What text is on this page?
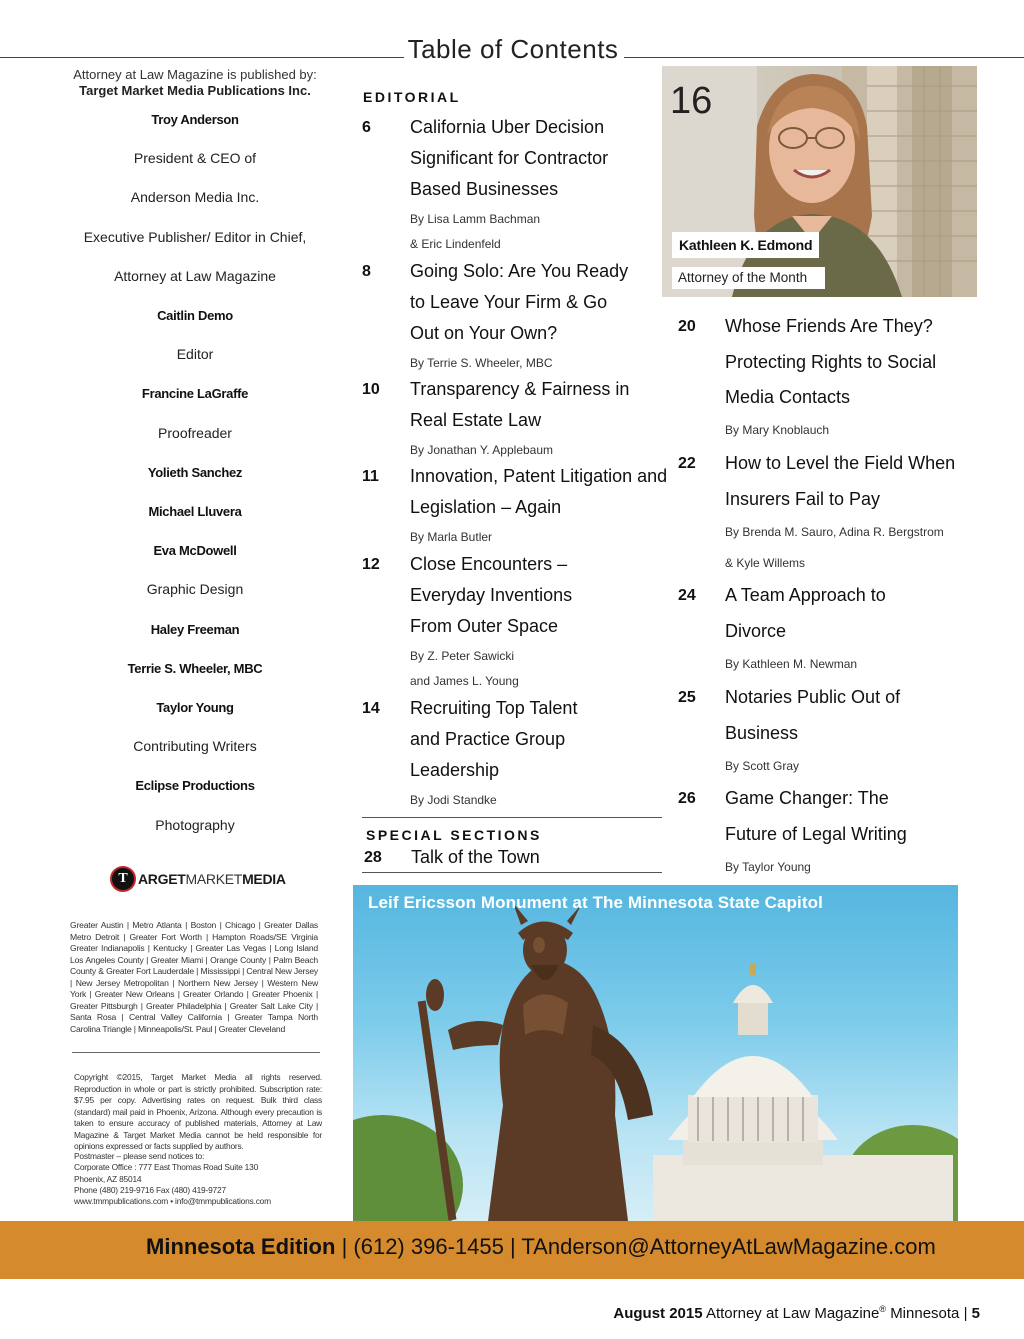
Table of Contents
Attorney at Law Magazine is published by:
Target Market Media Publications Inc.
Troy Anderson
President & CEO of
Anderson Media Inc.
Executive Publisher/ Editor in Chief,
Attorney at Law Magazine
Caitlin Demo
Editor
Francine LaGraffe
Proofreader
Yolieth Sanchez
Michael Lluvera
Eva McDowell
Graphic Design
Haley Freeman
Terrie S. Wheeler, MBC
Taylor Young
Contributing Writers
Eclipse Productions
Photography
T ARGETMARKETMEDIA
Greater Austin | Metro Atlanta | Boston | Chicago | Greater Dallas Metro Detroit | Greater Fort Worth | Hampton Roads/SE Virginia Greater Indianapolis | Kentucky | Greater Las Vegas | Long Island Los Angeles County | Greater Miami | Orange County | Palm Beach County & Greater Fort Lauderdale | Mississippi | Central New Jersey | New Jersey Metropolitan | Northern New Jersey | Western New York | Greater New Orleans | Greater Orlando | Greater Phoenix | Greater Pittsburgh | Greater Philadelphia | Greater Salt Lake City | Santa Rosa | Central Valley California | Greater Tampa North Carolina Triangle | Minneapolis/St. Paul | Greater Cleveland
Copyright ©2015, Target Market Media all rights reserved. Reproduction in whole or part is strictly prohibited. Subscription rate: $7.95 per copy. Advertising rates on request. Bulk third class (standard) mail paid in Phoenix, Arizona. Although every precaution is taken to ensure accuracy of published materials, Attorney at Law Magazine & Target Market Media cannot be held responsible for opinions expressed or facts supplied by authors.
Postmaster – please send notices to:
Corporate Office : 777 East Thomas Road Suite 130
Phoenix, AZ 85014
Phone (480) 219-9716 Fax (480) 419-9727
www.tmmpublications.com • info@tmmpublications.com
EDITORIAL
6 California Uber Decision
Significant for Contractor
Based Businesses
By Lisa Lamm Bachman
& Eric Lindenfeld
8 Going Solo: Are You Ready
to Leave Your Firm & Go
Out on Your Own?
By Terrie S. Wheeler, MBC
10 Transparency & Fairness in
Real Estate Law
By Jonathan Y. Applebaum
11 Innovation, Patent Litigation and
Legislation – Again
By Marla Butler
12 Close Encounters –
Everyday Inventions
From Outer Space
By Z. Peter Sawicki
and James L. Young
14 Recruiting Top Talent
and Practice Group
Leadership
By Jodi Standke
SPECIAL SECTIONS
28 Talk of the Town
16
Kathleen K. Edmond
Attorney of the Month
20 Whose Friends Are They?
Protecting Rights to Social
Media Contacts
By Mary Knoblauch
22 How to Level the Field When
Insurers Fail to Pay
By Brenda M. Sauro, Adina R. Bergstrom
& Kyle Willems
24 A Team Approach to
Divorce
By Kathleen M. Newman
25 Notaries Public Out of
Business
By Scott Gray
26 Game Changer: The
Future of Legal Writing
By Taylor Young
Leif Ericsson Monument at The Minnesota State Capitol
Minnesota Edition | (612) 396-1455 | TAnderson@AttorneyAtLawMagazine.com
August 2015 Attorney at Law Magazine® Minnesota | 5
